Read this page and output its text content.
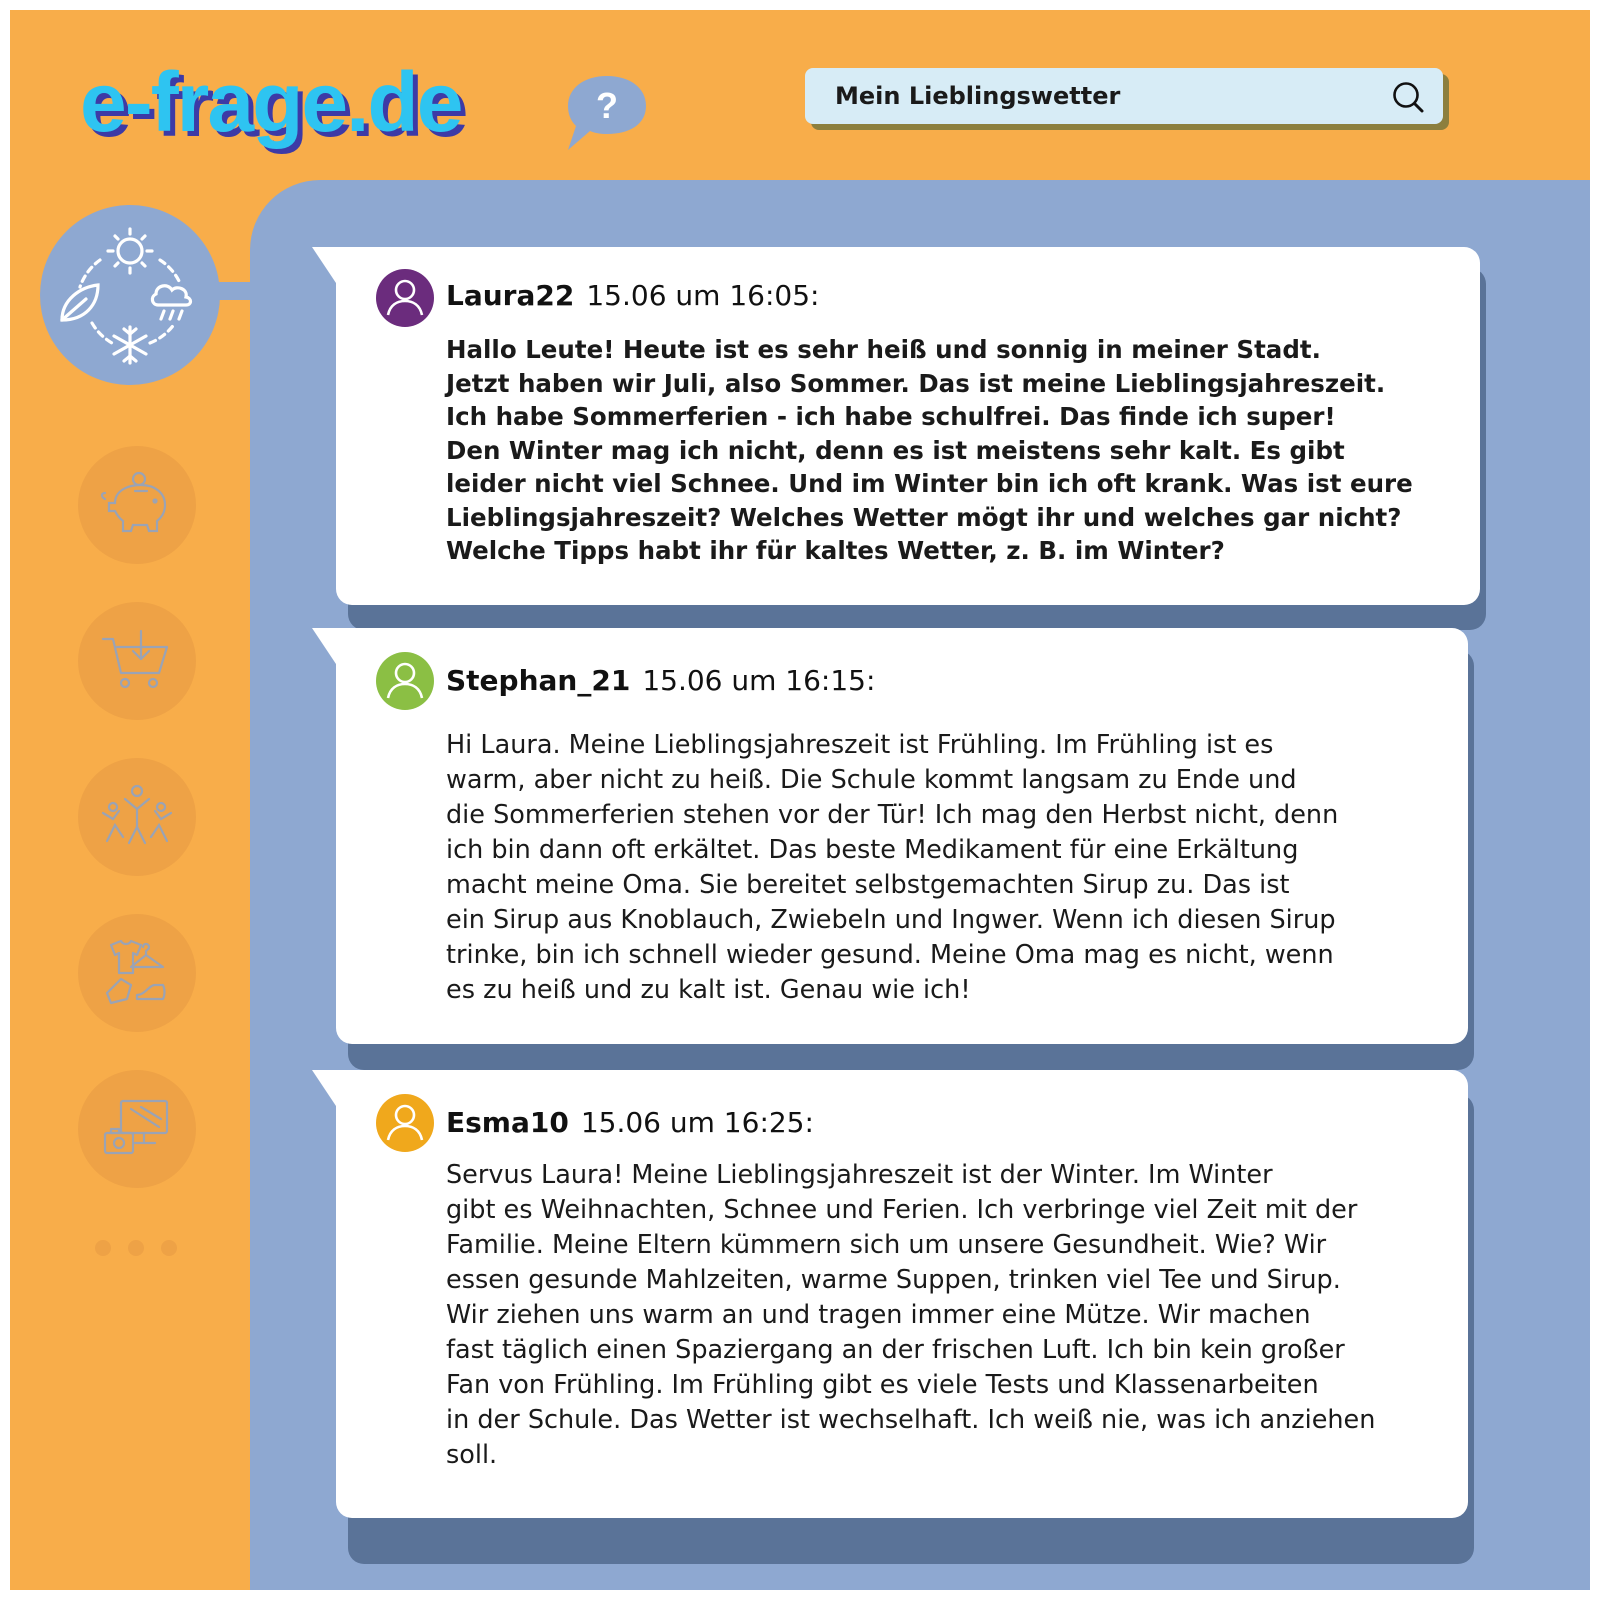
e-frage.de	?	Mein Lieblingswetter
Laura22 15.06 um 16:05:
Hallo Leute! Heute ist es sehr heiß und sonnig in meiner Stadt.
Jetzt haben wir Juli, also Sommer. Das ist meine Lieblingsjahreszeit.
Ich habe Sommerferien - ich habe schulfrei. Das finde ich super!
Den Winter mag ich nicht, denn es ist meistens sehr kalt. Es gibt
leider nicht viel Schnee. Und im Winter bin ich oft krank. Was ist eure
Lieblingsjahreszeit? Welches Wetter mögt ihr und welches gar nicht?
Welche Tipps habt ihr für kaltes Wetter, z. B. im Winter?
Stephan_21 15.06 um 16:15:
Hi Laura. Meine Lieblingsjahreszeit ist Frühling. Im Frühling ist es
warm, aber nicht zu heiß. Die Schule kommt langsam zu Ende und
die Sommerferien stehen vor der Tür! Ich mag den Herbst nicht, denn
ich bin dann oft erkältet. Das beste Medikament für eine Erkältung
macht meine Oma. Sie bereitet selbstgemachten Sirup zu. Das ist
ein Sirup aus Knoblauch, Zwiebeln und Ingwer. Wenn ich diesen Sirup
trinke, bin ich schnell wieder gesund. Meine Oma mag es nicht, wenn
es zu heiß und zu kalt ist. Genau wie ich!
Esma10 15.06 um 16:25:
Servus Laura! Meine Lieblingsjahreszeit ist der Winter. Im Winter
gibt es Weihnachten, Schnee und Ferien. Ich verbringe viel Zeit mit der
Familie. Meine Eltern kümmern sich um unsere Gesundheit. Wie? Wir
essen gesunde Mahlzeiten, warme Suppen, trinken viel Tee und Sirup.
Wir ziehen uns warm an und tragen immer eine Mütze. Wir machen
fast täglich einen Spaziergang an der frischen Luft. Ich bin kein großer
Fan von Frühling. Im Frühling gibt es viele Tests und Klassenarbeiten
in der Schule. Das Wetter ist wechselhaft. Ich weiß nie, was ich anziehen
soll.
